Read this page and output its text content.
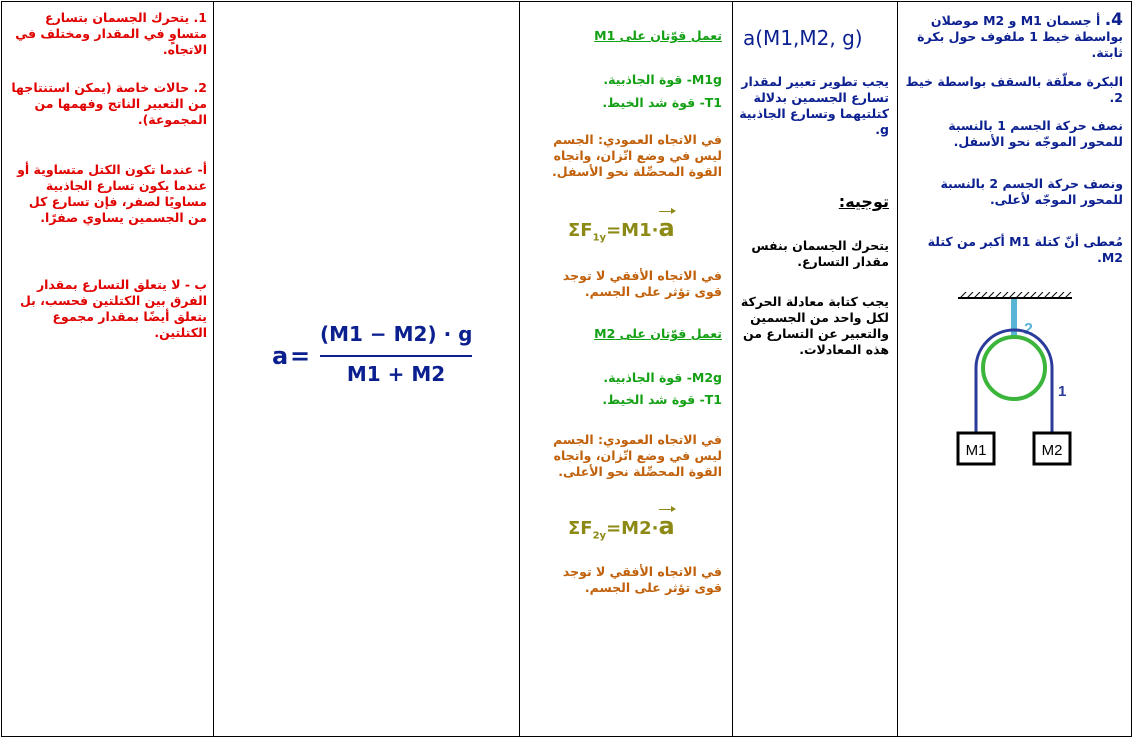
1. يتحرك الجسمان بتسارع متساوٍ في المقدار ومختلف في الاتجاه.

2. حالات خاصة (يمكن استنتاجها من التعبير الناتج وفهمها من المجموعة).

أ- عندما تكون الكتل متساوية أو عندما يكون تسارع الجاذبية مساويًا لصفر، فإن تسارع كل من الجسمين يساوي صفرًا.

ب - لا يتعلق التسارع بمقدار الفرق بين الكتلتين فحسب، بل يتعلق أيضًا بمقدار مجموع الكتلتين.

a =
(M1 − M2) · g
M1 + M2

تعمل قوّتان على M1

M1g- قوة الجاذبية.

T1- قوة شد الخيط.

في الاتجاه العمودي: الجسم ليس في وضع اتّزان، واتجاه القوة المحصِّلة نحو الأسفل.

$\Sigma F_{1y}=M1\cdot a$

في الاتجاه الأفقي لا توجد قوى تؤثر على الجسم.

تعمل قوّتان على M2

M2g- قوة الجاذبية.

T1- قوة شد الخيط.

في الاتجاه العمودي: الجسم ليس في وضع اتّزان، واتجاه القوة المحصِّلة نحو الأعلى.

$\Sigma F_{2y}=M2\cdot a$

في الاتجاه الأفقي لا توجد قوى تؤثر على الجسم.

a(M1,M2, g)

يجب تطوير تعبير لمقدار تسارع الجسمين بدلالة كتلتيهما وتسارع الجاذبية g.

توجيه:

يتحرك الجسمان بنفس مقدار التسارع.

يجب كتابة معادلة الحركة لكل واحد من الجسمين والتعبير عن التسارع من هذه المعادلات.

4. أ جسمان M1 و M2 موصلان بواسطة خيط 1 ملفوف حول بكرة ثابتة.

البكرة معلّقة بالسقف بواسطة خيط 2.

نصف حركة الجسم 1 بالنسبة للمحور الموجّه نحو الأسفل.

ونصف حركة الجسم 2 بالنسبة للمحور الموجّه لأعلى.

مُعطى أنّ كتلة M1 أكبر من كتلة M2.

2
1
M1	M2
